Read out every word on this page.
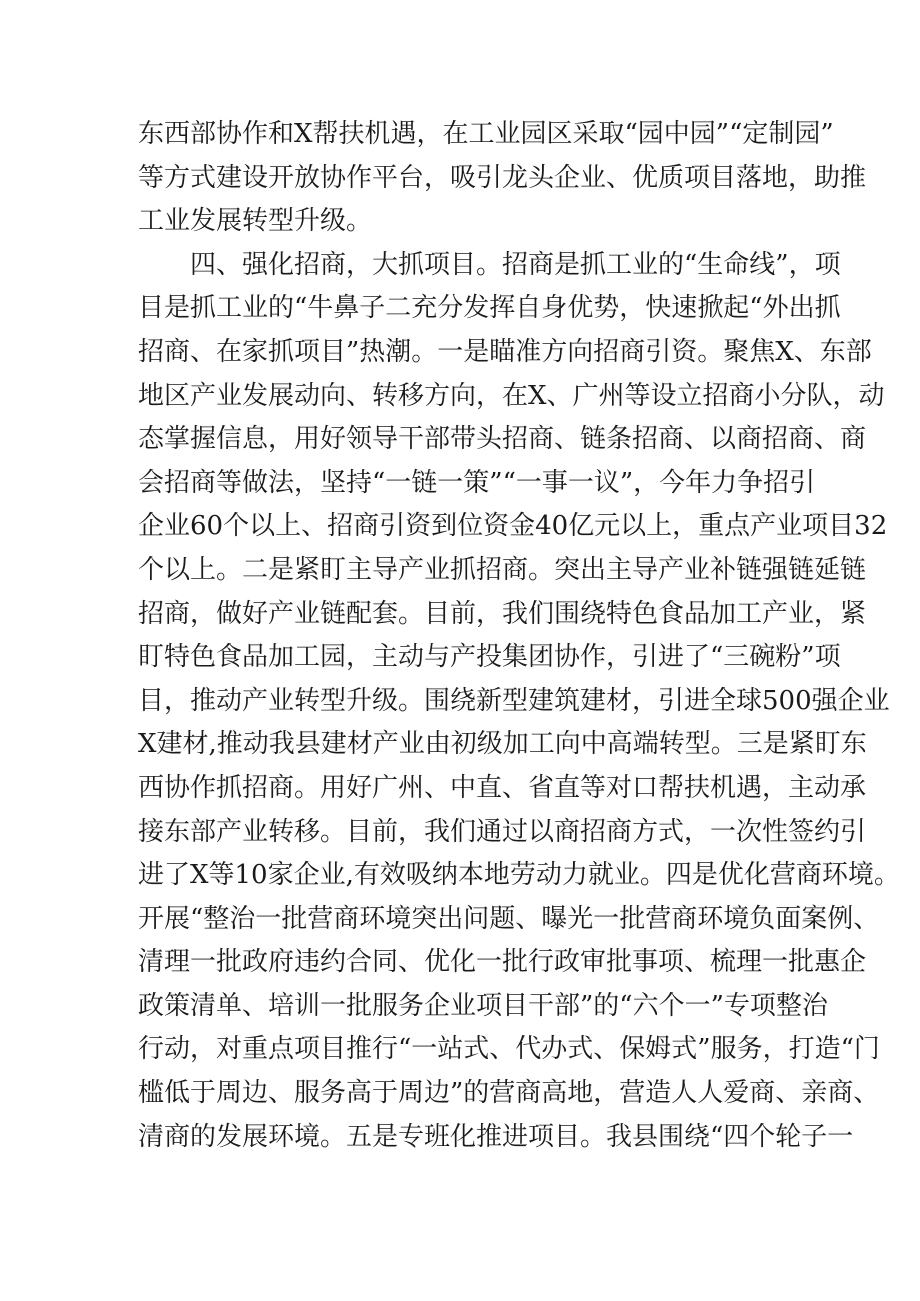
东西部协作和X帮扶机遇，在工业园区采取“园中园”“定制园”
等方式建设开放协作平台，吸引龙头企业、优质项目落地，助推
工业发展转型升级。
四、强化招商，大抓项目。招商是抓工业的“生命线”，项
目是抓工业的“牛鼻子二充分发挥自身优势，快速掀起“外出抓
招商、在家抓项目”热潮。一是瞄准方向招商引资。聚焦X、东部
地区产业发展动向、转移方向，在X、广州等设立招商小分队，动
态掌握信息，用好领导干部带头招商、链条招商、以商招商、商
会招商等做法，坚持“一链一策”“一事一议”，今年力争招引
企业60个以上、招商引资到位资金40亿元以上，重点产业项目32
个以上。二是紧盯主导产业抓招商。突出主导产业补链强链延链
招商，做好产业链配套。目前，我们围绕特色食品加工产业，紧
盯特色食品加工园，主动与产投集团协作，引进了“三碗粉”项
目，推动产业转型升级。围绕新型建筑建材，引进全球500强企业
X建材,推动我县建材产业由初级加工向中高端转型。三是紧盯东
西协作抓招商。用好广州、中直、省直等对口帮扶机遇，主动承
接东部产业转移。目前，我们通过以商招商方式，一次性签约引
进了X等10家企业,有效吸纳本地劳动力就业。四是优化营商环境。
开展“整治一批营商环境突出问题、曝光一批营商环境负面案例、
清理一批政府违约合同、优化一批行政审批事项、梳理一批惠企
政策清单、培训一批服务企业项目干部”的“六个一”专项整治
行动，对重点项目推行“一站式、代办式、保姆式”服务，打造“门
槛低于周边、服务高于周边”的营商高地，营造人人爱商、亲商、
清商的发展环境。五是专班化推进项目。我县围绕“四个轮子一
